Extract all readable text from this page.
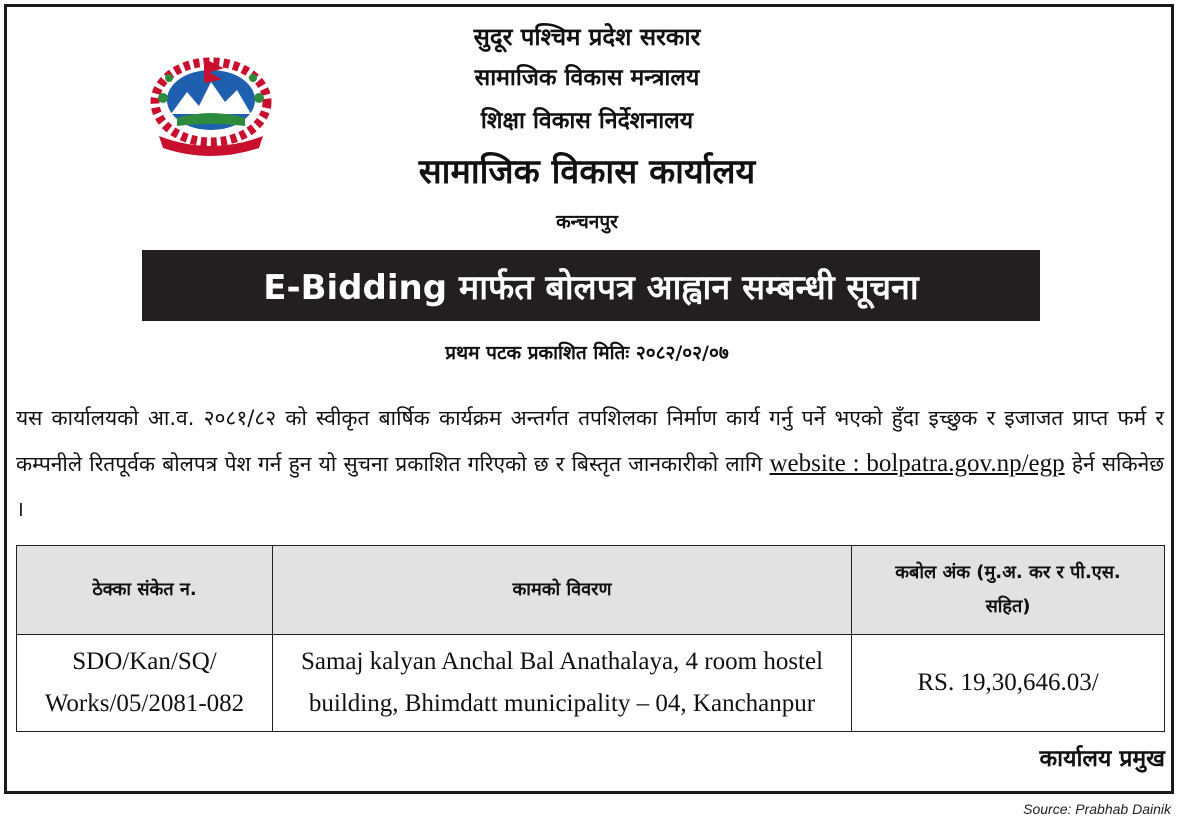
सुदूर पश्चिम प्रदेश सरकार
सामाजिक विकास मन्त्रालय
शिक्षा विकास निर्देशनालय
सामाजिक विकास कार्यालय
कन्चनपुर
E-Bidding मार्फत बोलपत्र आह्वान सम्बन्धी सूचना
प्रथम पटक प्रकाशित मितिः २०८२/०२/०७
यस कार्यालयको आ.व. २०८१/८२ को स्वीकृत बार्षिक कार्यक्रम अन्तर्गत तपशिलका निर्माण कार्य गर्नु पर्ने भएको हुँदा इच्छुक र इजाजत प्राप्त फर्म र कम्पनीले रितपूर्वक बोलपत्र पेश गर्न हुन यो सुचना प्रकाशित गरिएको छ र बिस्तृत जानकारीको लागि website : bolpatra.gov.np/egp हेर्न सकिनेछ ।
ठेक्का संकेत न.	कामको विवरण	कबोल अंक (मु.अ. कर र पी.एस. सहित)
SDO/Kan/SQ/ Works/05/2081-082	Samaj kalyan Anchal Bal Anathalaya, 4 room hostel building, Bhimdatt municipality – 04, Kanchanpur	RS. 19,30,646.03/
कार्यालय प्रमुख
Source: Prabhab Dainik
